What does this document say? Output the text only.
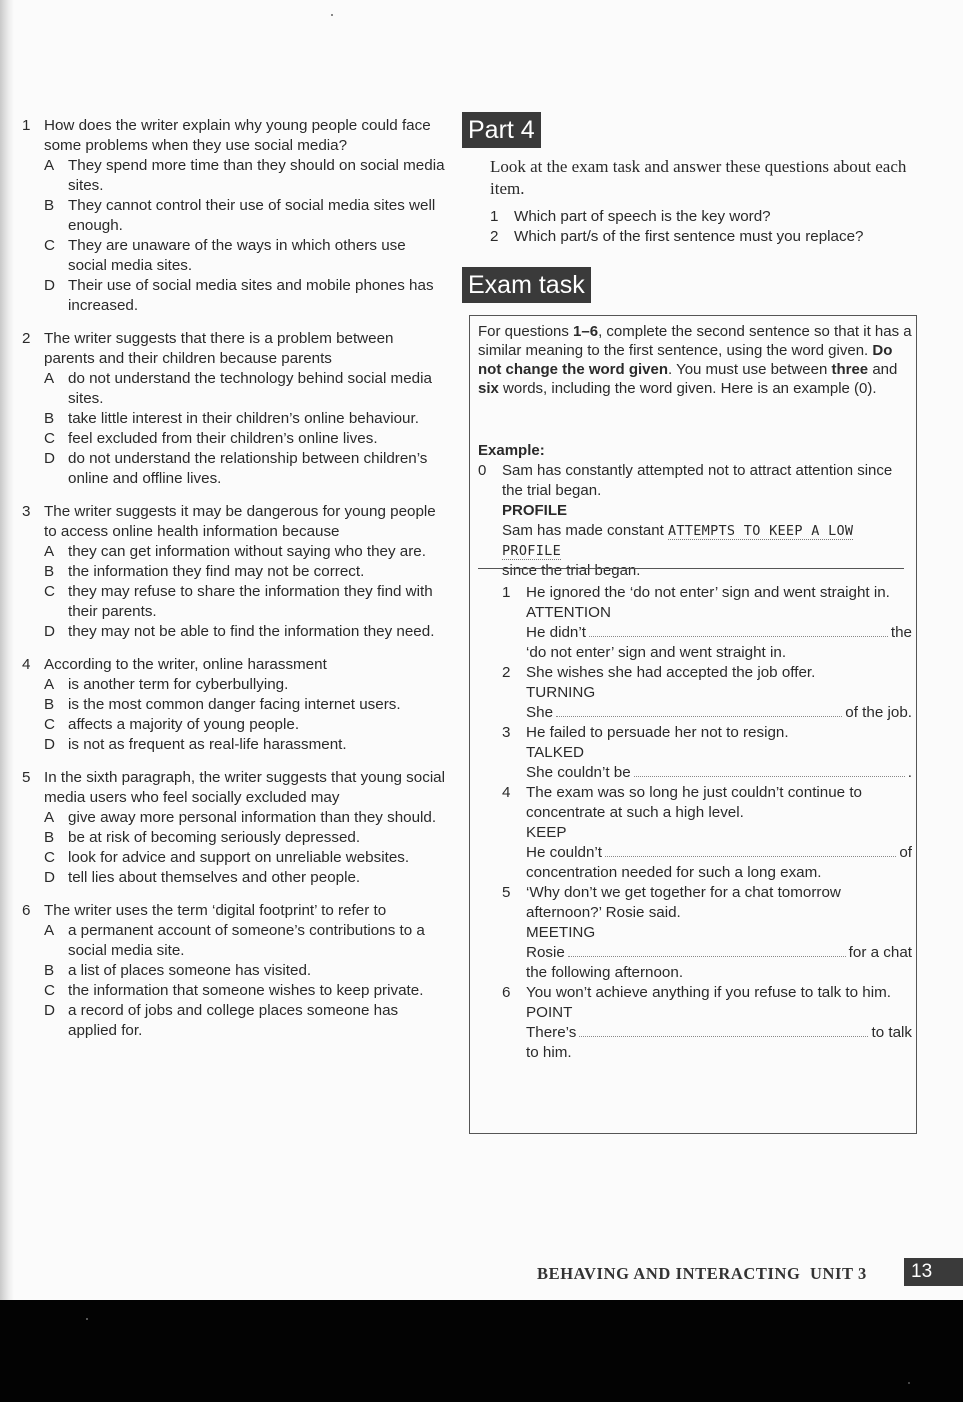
1 How does the writer explain why young people could face some problems when they use social media?
A They spend more time than they should on social media sites.
B They cannot control their use of social media sites well enough.
C They are unaware of the ways in which others use social media sites.
D Their use of social media sites and mobile phones has increased.
2 The writer suggests that there is a problem between parents and their children because parents
A do not understand the technology behind social media sites.
B take little interest in their children’s online behaviour.
C feel excluded from their children’s online lives.
D do not understand the relationship between children’s online and offline lives.
3 The writer suggests it may be dangerous for young people to access online health information because
A they can get information without saying who they are.
B the information they find may not be correct.
C they may refuse to share the information they find with their parents.
D they may not be able to find the information they need.
4 According to the writer, online harassment
A is another term for cyberbullying.
B is the most common danger facing internet users.
C affects a majority of young people.
D is not as frequent as real-life harassment.
5 In the sixth paragraph, the writer suggests that young social media users who feel socially excluded may
A give away more personal information than they should.
B be at risk of becoming seriously depressed.
C look for advice and support on unreliable websites.
D tell lies about themselves and other people.
6 The writer uses the term ‘digital footprint’ to refer to
A a permanent account of someone’s contributions to a social media site.
B a list of places someone has visited.
C the information that someone wishes to keep private.
D a record of jobs and college places someone has applied for.
Part 4
Look at the exam task and answer these questions about each item.
1 Which part of speech is the key word?
2 Which part/s of the first sentence must you replace?
Exam task
For questions 1–6, complete the second sentence so that it has a similar meaning to the first sentence, using the word given. Do not change the word given. You must use between three and six words, including the word given. Here is an example (0).
Example:
0 Sam has constantly attempted not to attract attention since the trial began.
PROFILE
Sam has made constant ATTEMPTS TO KEEP A LOW PROFILE
since the trial began.
1 He ignored the ‘do not enter’ sign and went straight in.
ATTENTION
He didn’t	the
‘do not enter’ sign and went straight in.
2 She wishes she had accepted the job offer.
TURNING
She	of the job.
3 He failed to persuade her not to resign.
TALKED
She couldn’t be	.
4 The exam was so long he just couldn’t continue to concentrate at such a high level.
KEEP
He couldn’t	of
concentration needed for such a long exam.
5 ‘Why don’t we get together for a chat tomorrow afternoon?’ Rosie said.
MEETING
Rosie	for a chat
the following afternoon.
6 You won’t achieve anything if you refuse to talk to him.
POINT
There’s	to talk
to him.
BEHAVING AND INTERACTING UNIT 3	13
